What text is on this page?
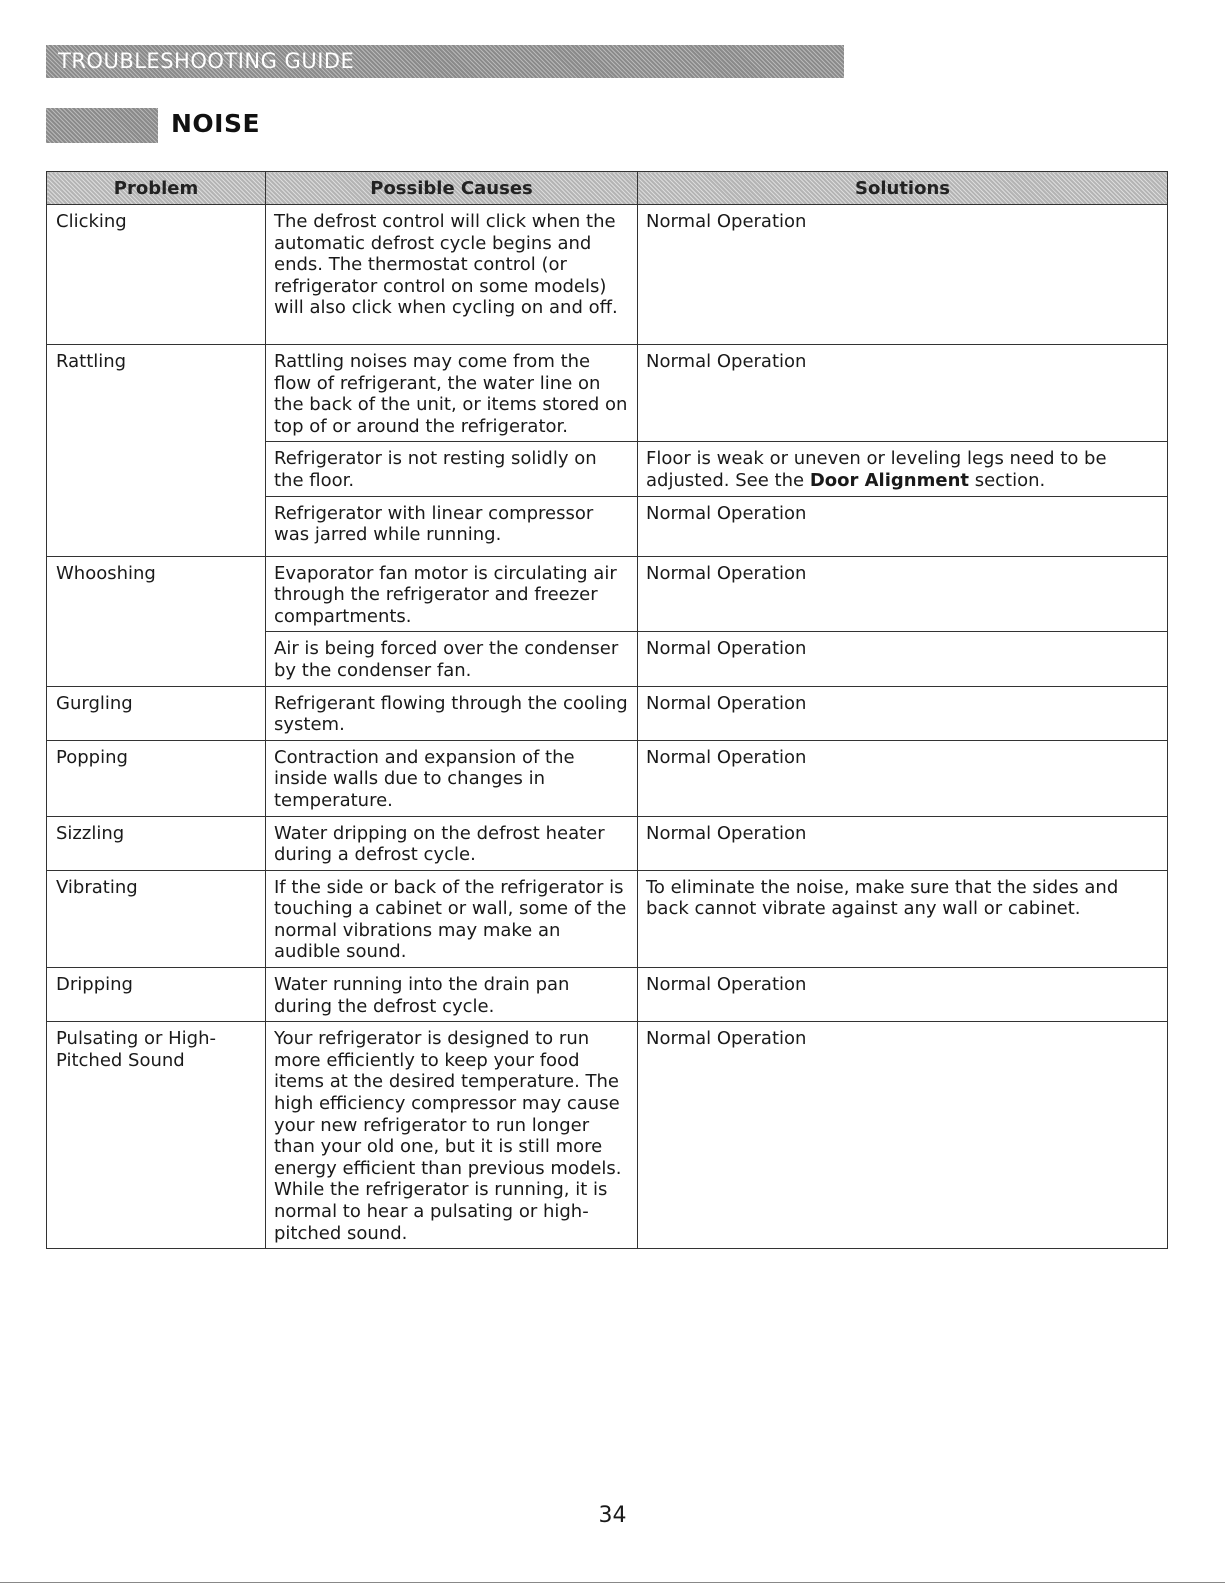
TROUBLESHOOTING GUIDE
NOISE
Problem	Possible Causes	Solutions
Clicking	The defrost control will click when the automatic defrost cycle begins and ends. The thermostat control (or refrigerator control on some models) will also click when cycling on and off.	Normal Operation
Rattling	Rattling noises may come from the flow of refrigerant, the water line on the back of the unit, or items stored on top of or around the refrigerator.	Normal Operation
	Refrigerator is not resting solidly on the floor.	Floor is weak or uneven or leveling legs need to be adjusted. See the Door Alignment section.
	Refrigerator with linear compressor was jarred while running.	Normal Operation
Whooshing	Evaporator fan motor is circulating air through the refrigerator and freezer compartments.	Normal Operation
	Air is being forced over the condenser by the condenser fan.	Normal Operation
Gurgling	Refrigerant flowing through the cooling system.	Normal Operation
Popping	Contraction and expansion of the inside walls due to changes in temperature.	Normal Operation
Sizzling	Water dripping on the defrost heater during a defrost cycle.	Normal Operation
Vibrating	If the side or back of the refrigerator is touching a cabinet or wall, some of the normal vibrations may make an audible sound.	To eliminate the noise, make sure that the sides and back cannot vibrate against any wall or cabinet.
Dripping	Water running into the drain pan during the defrost cycle.	Normal Operation
Pulsating or High-Pitched Sound	Your refrigerator is designed to run more efficiently to keep your food items at the desired temperature. The high efficiency compressor may cause your new refrigerator to run longer than your old one, but it is still more energy efficient than previous models. While the refrigerator is running, it is normal to hear a pulsating or high-pitched sound.	Normal Operation
34
